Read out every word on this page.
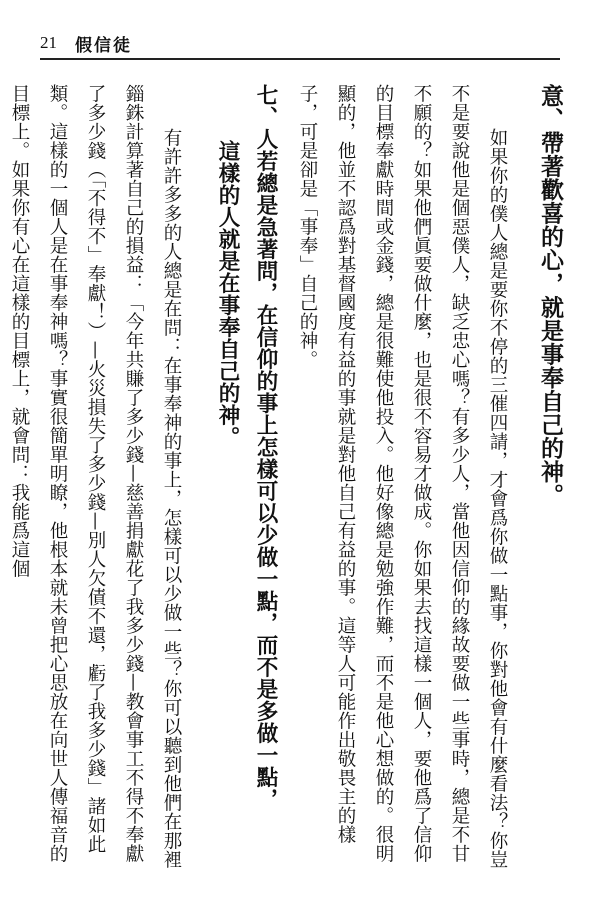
21 假信徒

意、帶著歡喜的心，就是事奉自己的神。

如果你的僕人總是要你不停的三催四請，才會爲你做一點事，你對他會有什麼看法？你豈不是要說他是個惡僕人，缺乏忠心嗎？有多少人，當他因信仰的緣故要做一些事時，總是不甘不願的？如果他們眞要做什麼，也是很不容易才做成。你如果去找這樣一個人，要他爲了信仰的目標奉獻時間或金錢，總是很難使他投入。他好像總是勉強作難，而不是他心想做的。很明顯的，他並不認爲對基督國度有益的事就是對他自己有益的事。這等人可能作出敬畏主的樣子，可是卻是「事奉」自己的神。

七、人若總是急著問，在信仰的事上怎樣可以少做一點，而不是多做一點，
這樣的人就是在事奉自己的神。

有許許多多的人總是在問：在事奉神的事上，怎樣可以少做一些？你可以聽到他們在那裡錙銖計算著自己的損益：「今年共賺了多少錢—慈善捐獻花了我多少錢—教會事工不得不奉獻了多少錢（「不得不」奉獻！）—火災損失了多少錢—別人欠債不還，虧了我多少錢」諸如此類。這樣的一個人是在事奉神嗎？事實很簡單明瞭，他根本就未曾把心思放在向世人傳福音的目標上。如果你有心在這樣的目標上，就會問：我能爲這個
